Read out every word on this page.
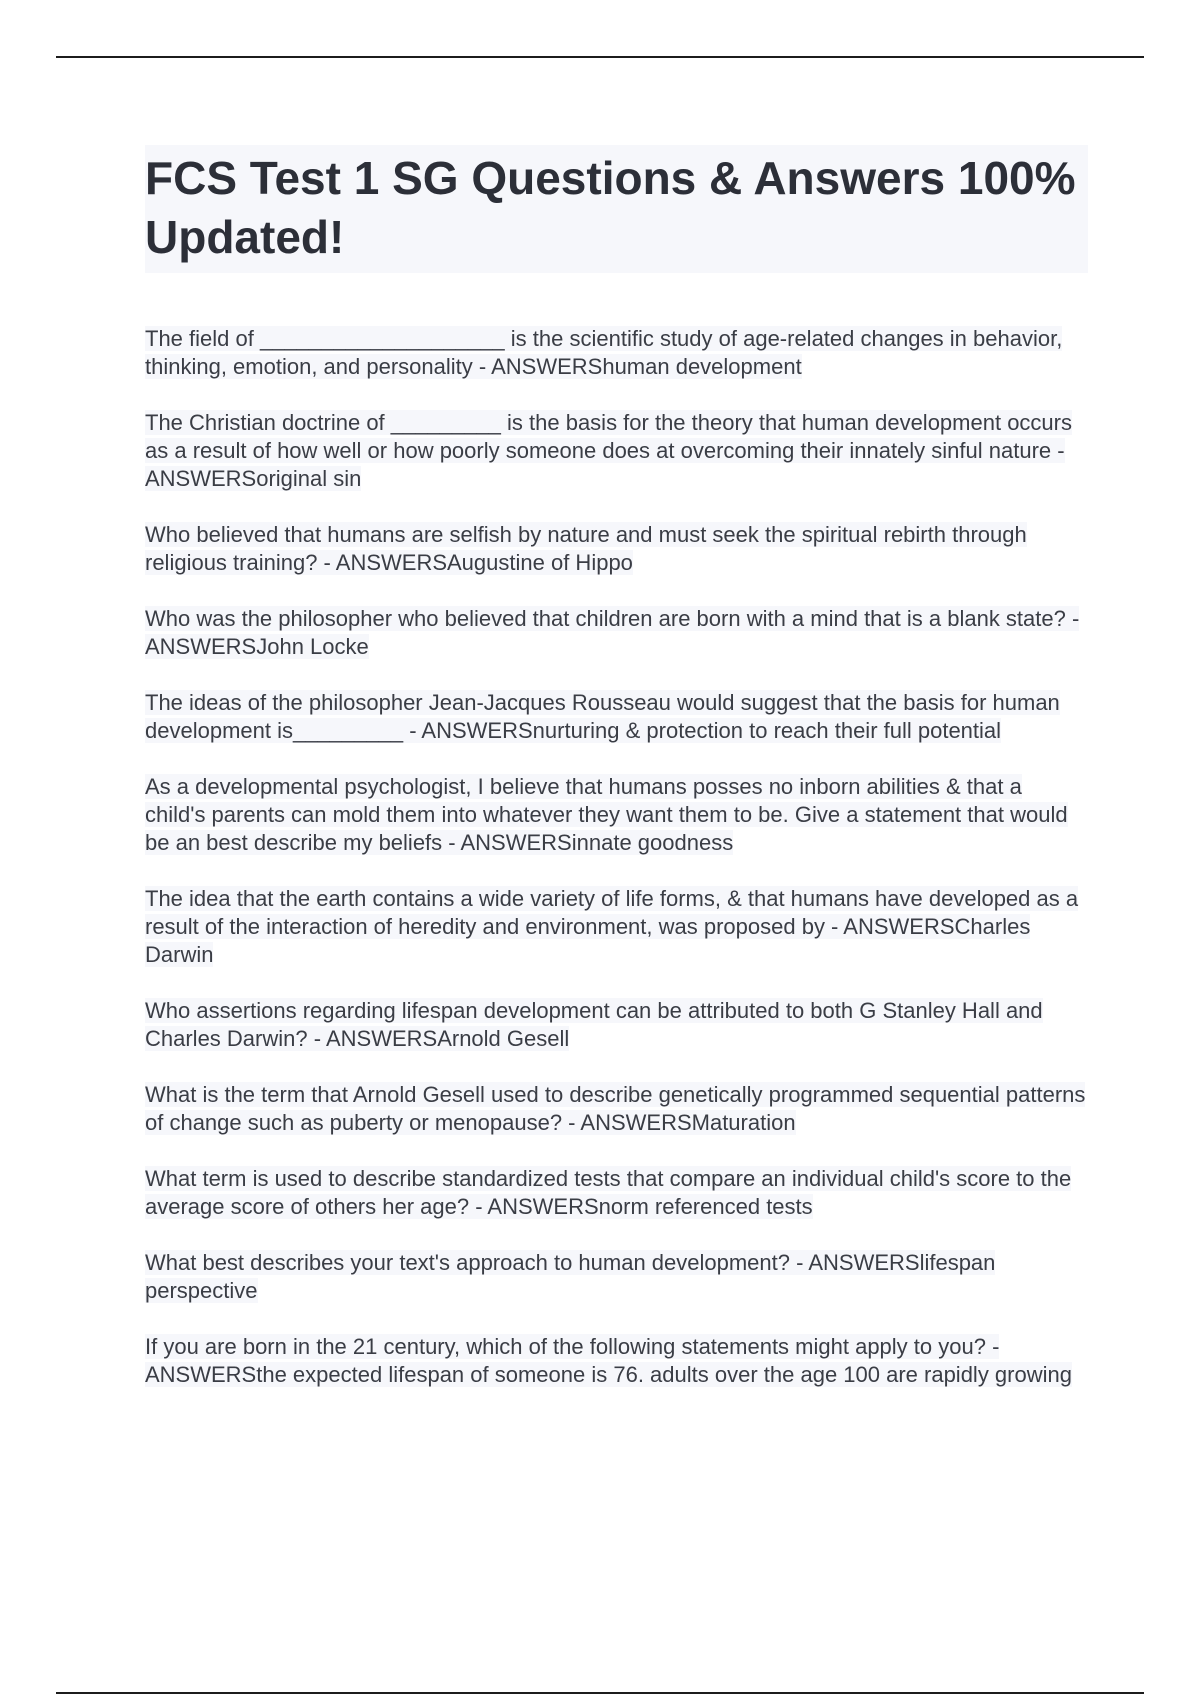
FCS Test 1 SG Questions & Answers 100% Updated!

The field of ____________________ is the scientific study of age-related changes in behavior, thinking, emotion, and personality - ANSWERShuman development

The Christian doctrine of _________ is the basis for the theory that human development occurs as a result of how well or how poorly someone does at overcoming their innately sinful nature - ANSWERSoriginal sin

Who believed that humans are selfish by nature and must seek the spiritual rebirth through religious training? - ANSWERSAugustine of Hippo

Who was the philosopher who believed that children are born with a mind that is a blank state? - ANSWERSJohn Locke

The ideas of the philosopher Jean-Jacques Rousseau would suggest that the basis for human development is_________ - ANSWERSnurturing & protection to reach their full potential

As a developmental psychologist, I believe that humans posses no inborn abilities & that a child's parents can mold them into whatever they want them to be. Give a statement that would be an best describe my beliefs - ANSWERSinnate goodness

The idea that the earth contains a wide variety of life forms, & that humans have developed as a result of the interaction of heredity and environment, was proposed by - ANSWERSCharles Darwin

Who assertions regarding lifespan development can be attributed to both G Stanley Hall and Charles Darwin? - ANSWERSArnold Gesell

What is the term that Arnold Gesell used to describe genetically programmed sequential patterns of change such as puberty or menopause? - ANSWERSMaturation

What term is used to describe standardized tests that compare an individual child's score to the average score of others her age? - ANSWERSnorm referenced tests

What best describes your text's approach to human development? - ANSWERSlifespan perspective

If you are born in the 21 century, which of the following statements might apply to you? - ANSWERSthe expected lifespan of someone is 76. adults over the age 100 are rapidly growing
